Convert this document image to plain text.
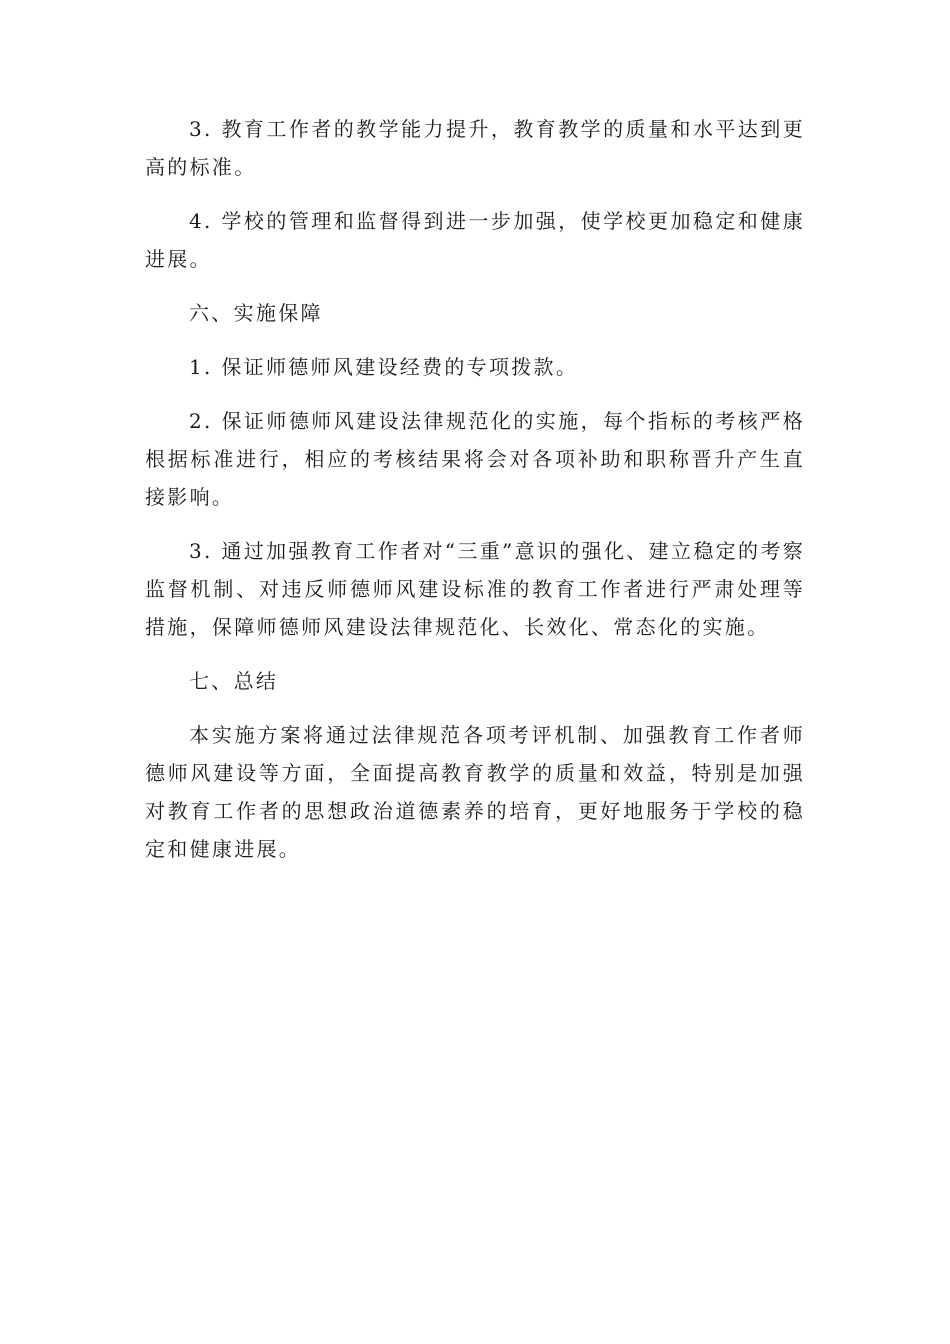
3. 教育工作者的教学能力提升，教育教学的质量和水平达到更高的标准。

4. 学校的管理和监督得到进一步加强，使学校更加稳定和健康进展。

六、实施保障

1. 保证师德师风建设经费的专项拨款。

2. 保证师德师风建设法律规范化的实施，每个指标的考核严格根据标准进行，相应的考核结果将会对各项补助和职称晋升产生直接影响。

3. 通过加强教育工作者对“三重”意识的强化、建立稳定的考察监督机制、对违反师德师风建设标准的教育工作者进行严肃处理等措施，保障师德师风建设法律规范化、长效化、常态化的实施。

七、总结

本实施方案将通过法律规范各项考评机制、加强教育工作者师德师风建设等方面，全面提高教育教学的质量和效益，特别是加强对教育工作者的思想政治道德素养的培育，更好地服务于学校的稳定和健康进展。
